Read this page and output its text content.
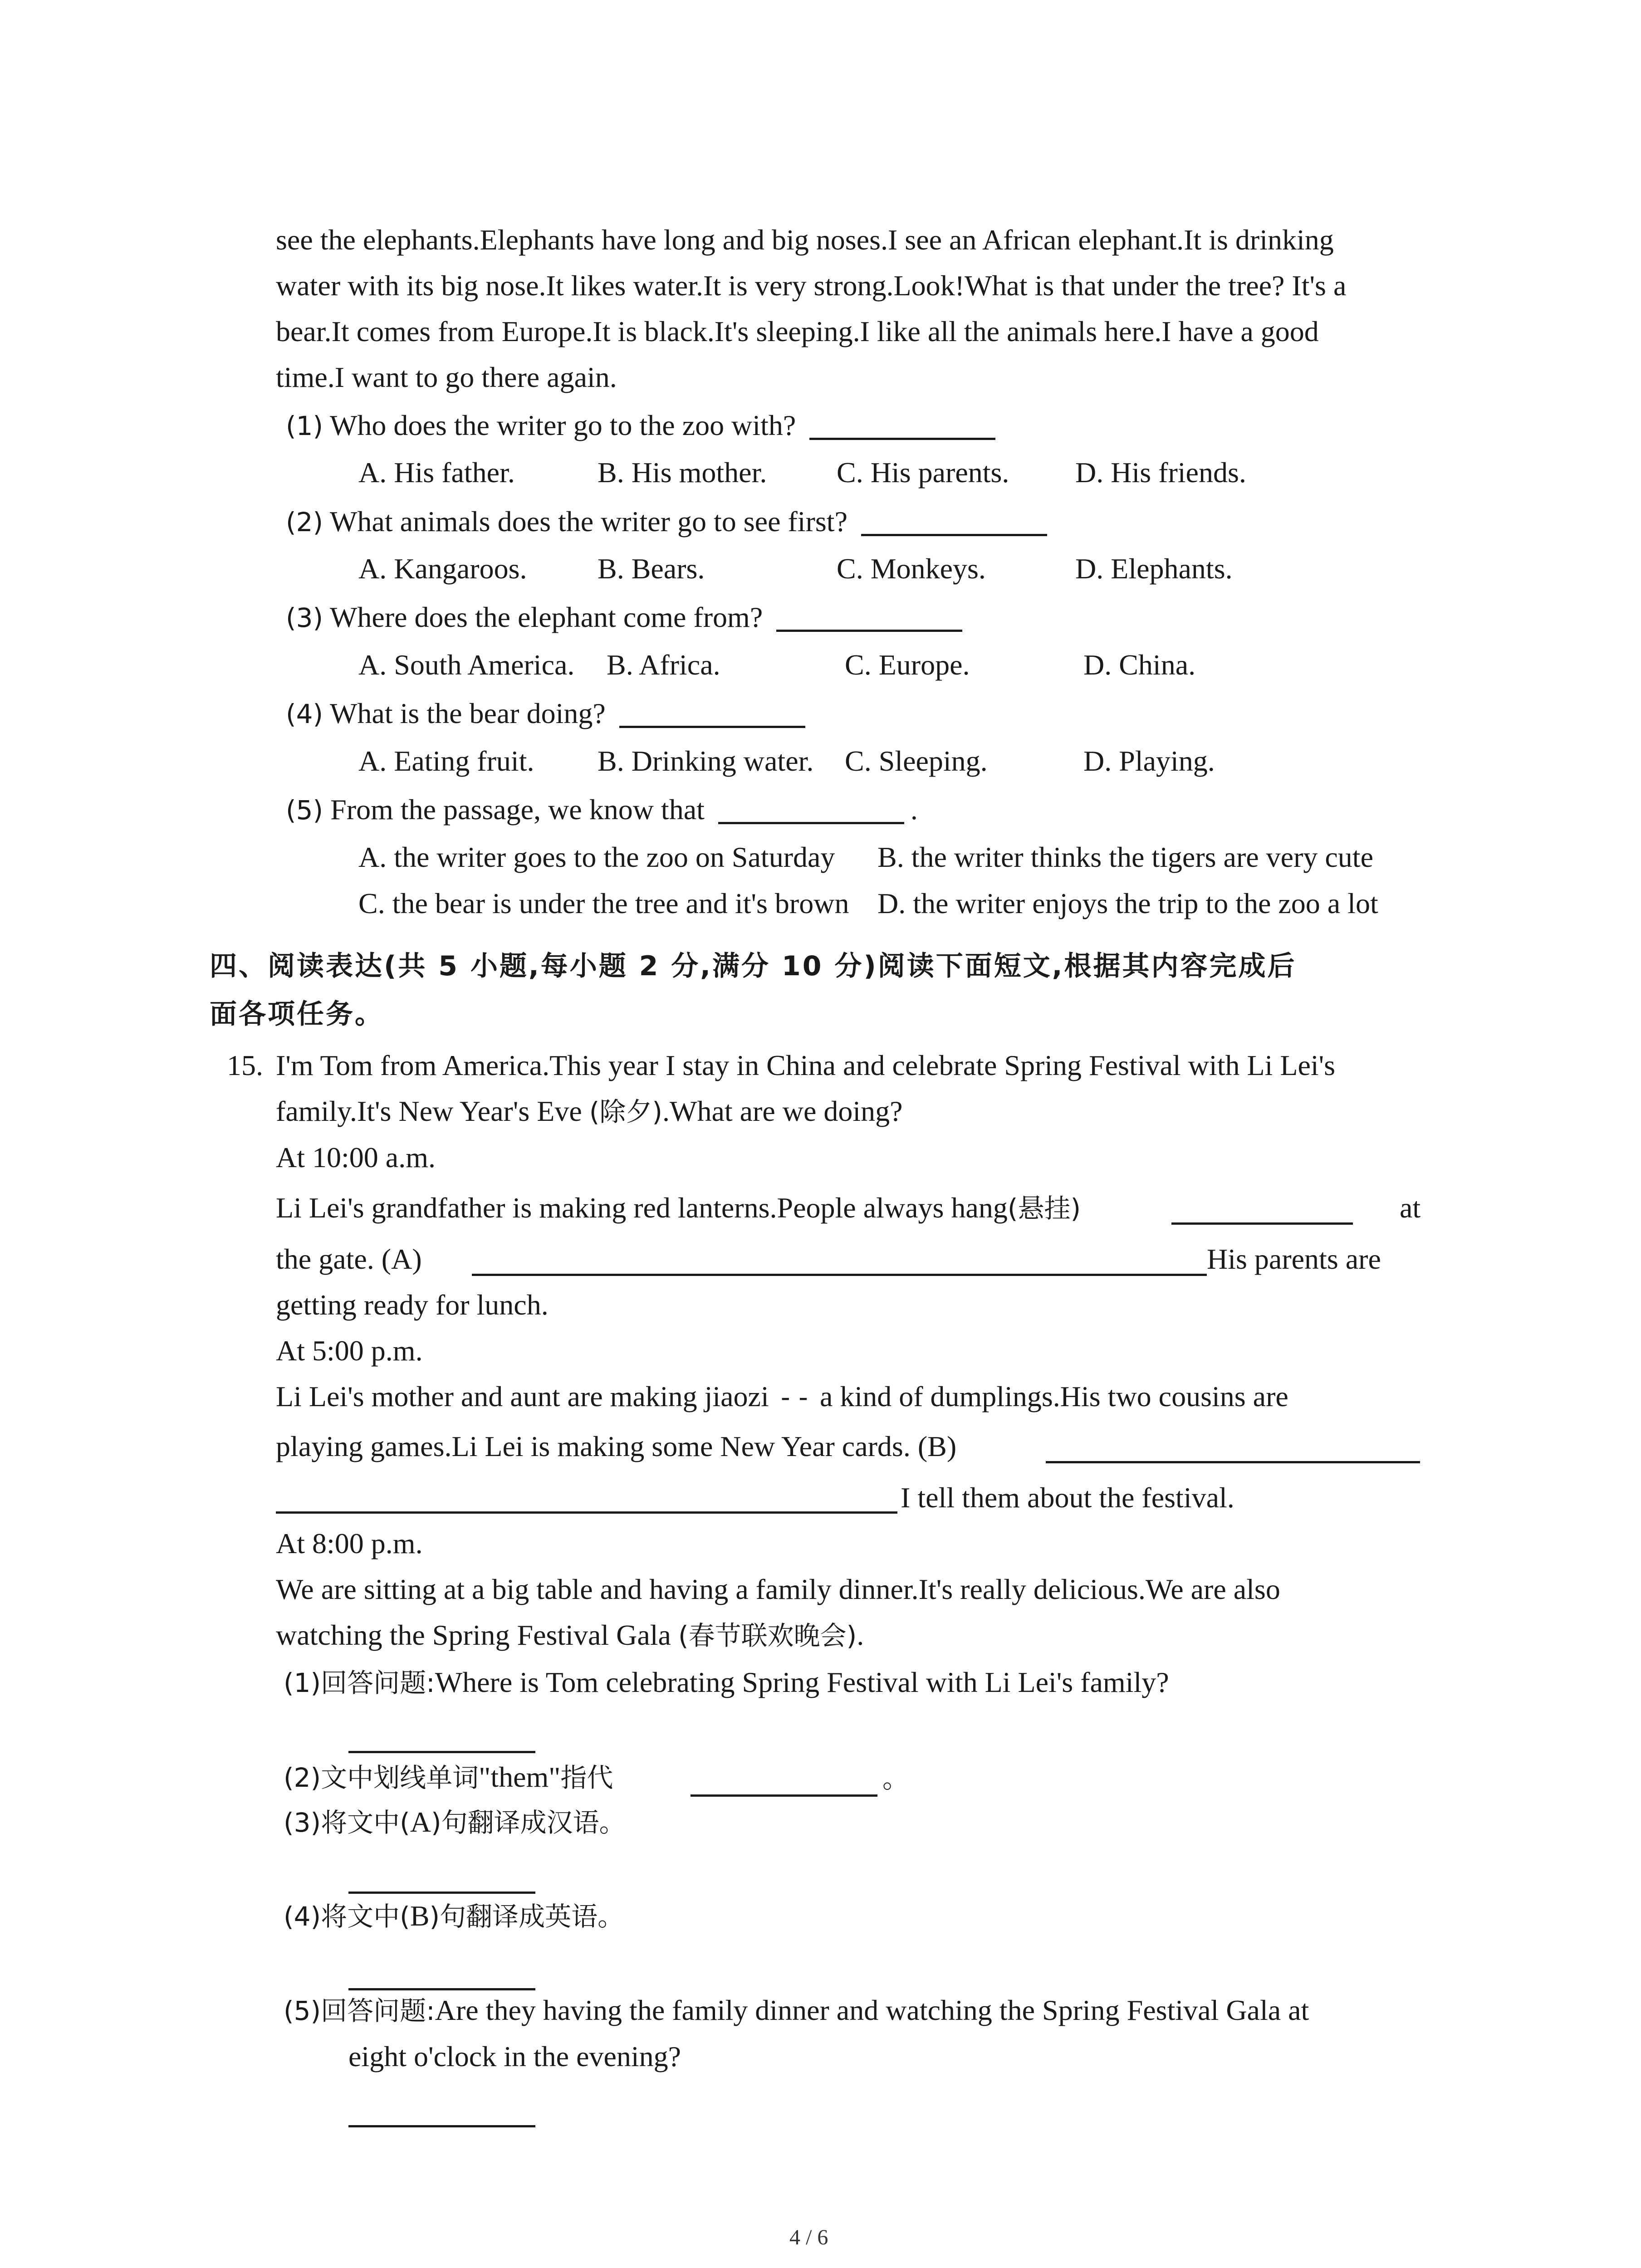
see the elephants.Elephants have long and big noses.I see an African elephant.It is drinking
water with its big nose.It likes water.It is very strong.Look!What is that under the tree? It's a
bear.It comes from Europe.It is black.It's sleeping.I like all the animals here.I have a good
time.I want to go there again.
(1) Who does the writer go to the zoo with?
A. His father.	B. His mother. C. His parents. D. His friends.
(2) What animals does the writer go to see first?
A. Kangaroos. B. Bears.	C. Monkeys.	D. Elephants.
(3) Where does the elephant come from?
A. South America. B. Africa.	C. Europe.	D. China.
(4) What is the bear doing?
A. Eating fruit. B. Drinking water. C. Sleeping.	D. Playing.
(5) From the passage, we know that	.
A. the writer goes to the zoo on Saturday B. the writer thinks the tigers are very cute
C. the bear is under the tree and it's brown D. the writer enjoys the trip to the zoo a lot
四、阅读表达(共 5 小题,每小题 2 分,满分 10 分)阅读下面短文,根据其内容完成后
面各项任务。
15. I'm Tom from America.This year I stay in China and celebrate Spring Festival with Li Lei's
family.It's New Year's Eve (除夕).What are we doing?
At 10:00 a.m.
Li Lei's grandfather is making red lanterns.People always hang(悬挂)	at
the gate. (A)	His parents are
getting ready for lunch.
At 5:00 p.m.
Li Lei's mother and aunt are making jiaozi - - a kind of dumplings.His two cousins are
playing games.Li Lei is making some New Year cards. (B)
I tell them about the festival.
At 8:00 p.m.
We are sitting at a big table and having a family dinner.It's really delicious.We are also
watching the Spring Festival Gala (春节联欢晚会).
(1)回答问题:Where is Tom celebrating Spring Festival with Li Lei's family?
(2)文中划线单词"them"指代	。
(3)将文中(A)句翻译成汉语。
(4)将文中(B)句翻译成英语。
(5)回答问题:Are they having the family dinner and watching the Spring Festival Gala at
eight o'clock in the evening?
4 / 6
